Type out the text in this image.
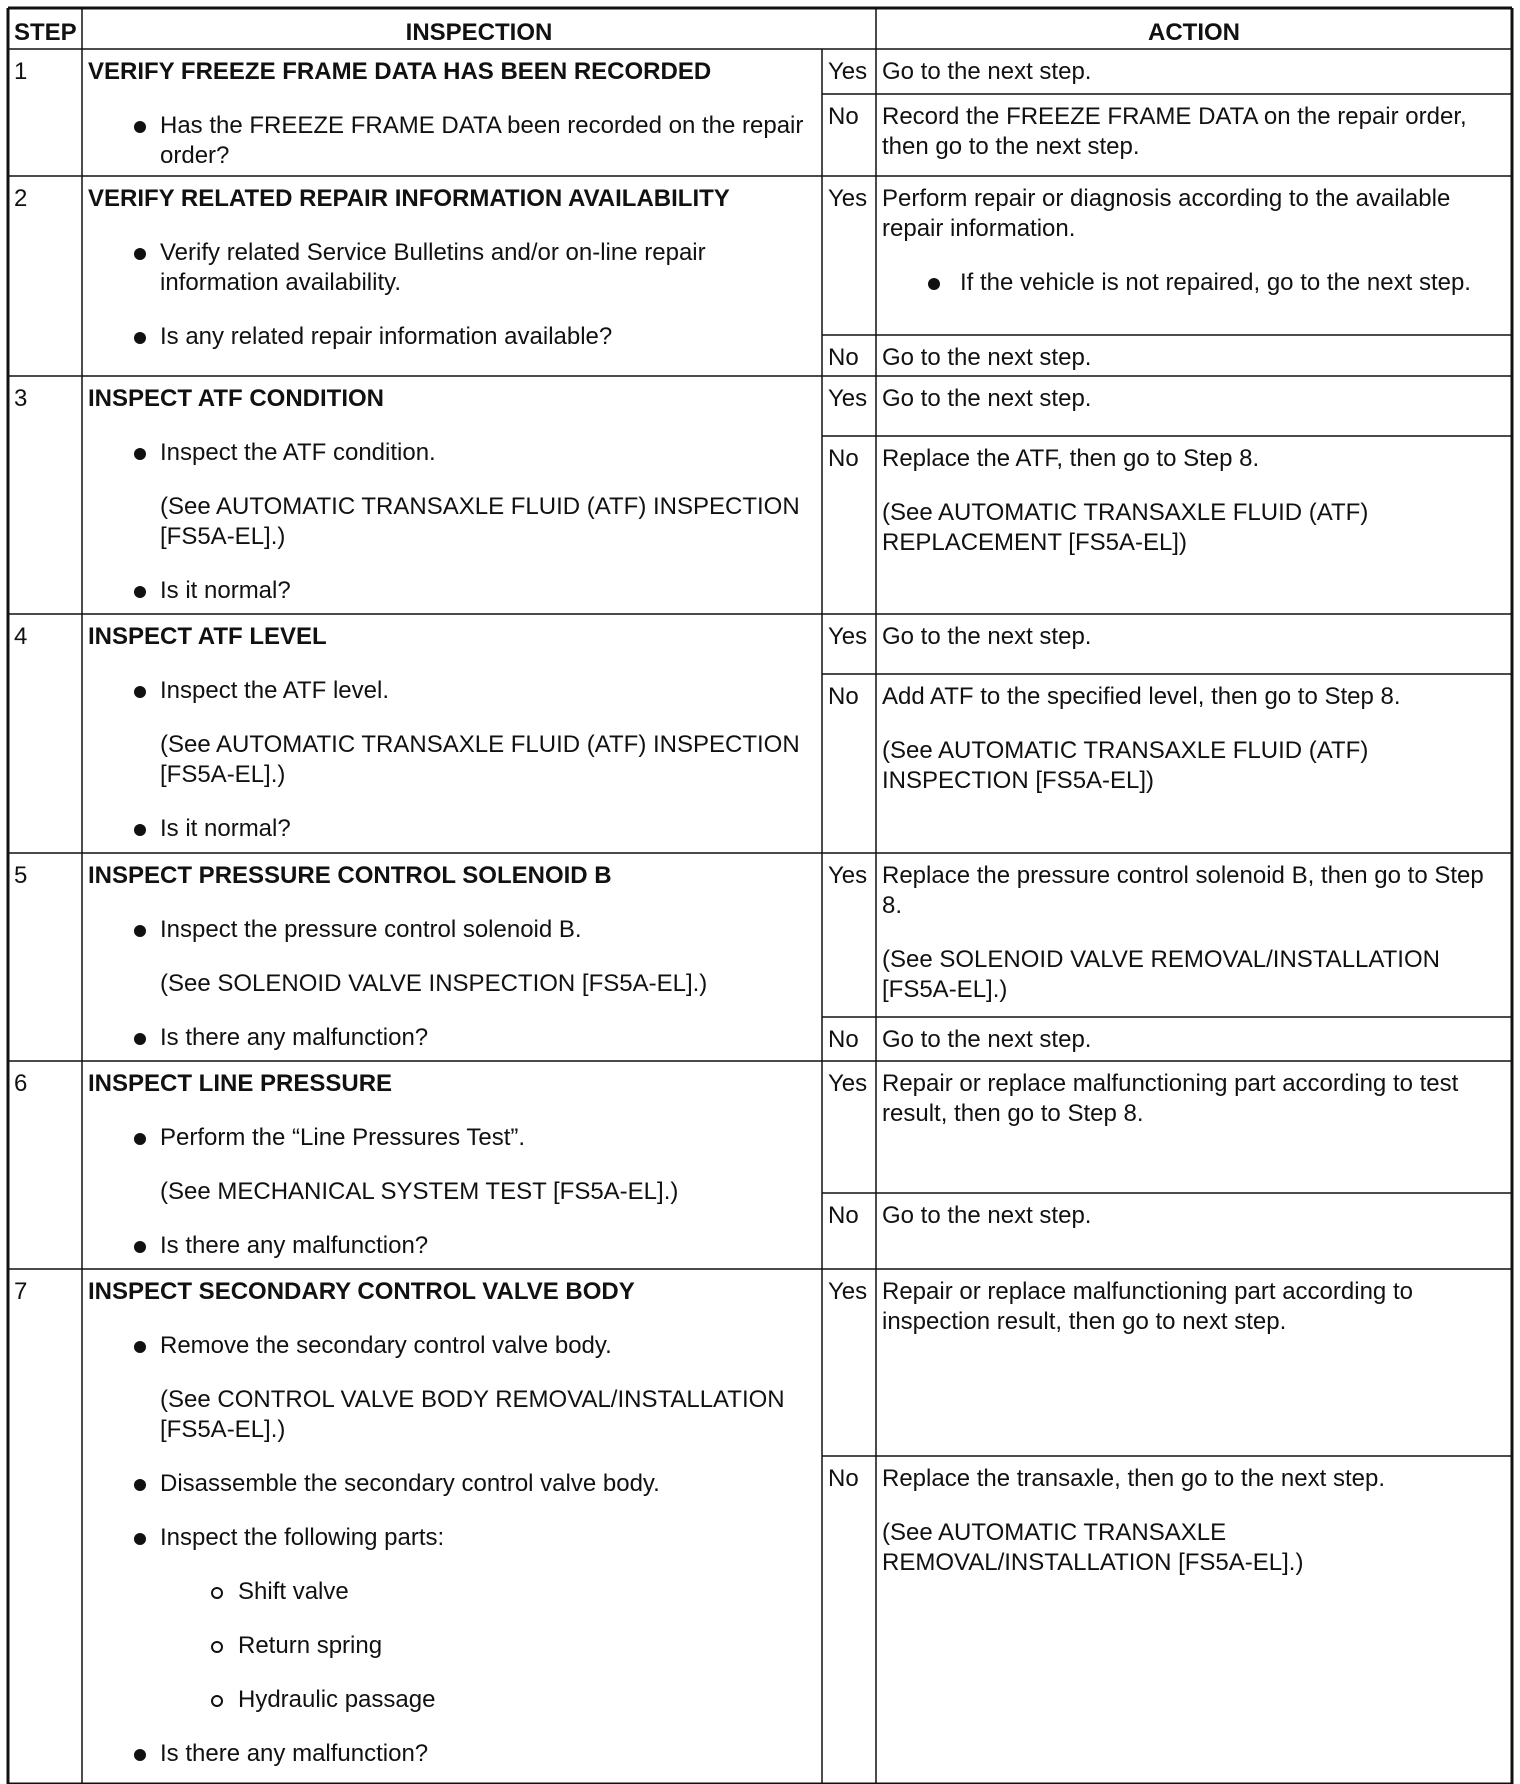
STEP	INSPECTION	ACTION
1	VERIFY FREEZE FRAME DATA HAS BEEN RECORDED
Has the FREEZE FRAME DATA been recorded on the repair order?
Yes Go to the next step.
No Record the FREEZE FRAME DATA on the repair order, then go to the next step.
2	VERIFY RELATED REPAIR INFORMATION AVAILABILITY
Verify related Service Bulletins and/or on-line repair information availability.
Is any related repair information available?
Yes Perform repair or diagnosis according to the available repair information.
If the vehicle is not repaired, go to the next step.
No Go to the next step.
3	INSPECT ATF CONDITION
Inspect the ATF condition.
(See AUTOMATIC TRANSAXLE FLUID (ATF) INSPECTION [FS5A-EL].)
Is it normal?
Yes Go to the next step.
No Replace the ATF, then go to Step 8.
(See AUTOMATIC TRANSAXLE FLUID (ATF) REPLACEMENT [FS5A-EL])
4	INSPECT ATF LEVEL
Inspect the ATF level.
(See AUTOMATIC TRANSAXLE FLUID (ATF) INSPECTION [FS5A-EL].)
Is it normal?
Yes Go to the next step.
No Add ATF to the specified level, then go to Step 8.
(See AUTOMATIC TRANSAXLE FLUID (ATF) INSPECTION [FS5A-EL])
5	INSPECT PRESSURE CONTROL SOLENOID B
Inspect the pressure control solenoid B.
(See SOLENOID VALVE INSPECTION [FS5A-EL].)
Is there any malfunction?
Yes Replace the pressure control solenoid B, then go to Step 8.
(See SOLENOID VALVE REMOVAL/INSTALLATION [FS5A-EL].)
No Go to the next step.
6	INSPECT LINE PRESSURE
Perform the “Line Pressures Test”.
(See MECHANICAL SYSTEM TEST [FS5A-EL].)
Is there any malfunction?
Yes Repair or replace malfunctioning part according to test result, then go to Step 8.
No Go to the next step.
7	INSPECT SECONDARY CONTROL VALVE BODY
Remove the secondary control valve body.
(See CONTROL VALVE BODY REMOVAL/INSTALLATION [FS5A-EL].)
Disassemble the secondary control valve body.
Inspect the following parts:
Shift valve
Return spring
Hydraulic passage
Is there any malfunction?
Yes Repair or replace malfunctioning part according to inspection result, then go to next step.
No Replace the transaxle, then go to the next step.
(See AUTOMATIC TRANSAXLE REMOVAL/INSTALLATION [FS5A-EL].)
